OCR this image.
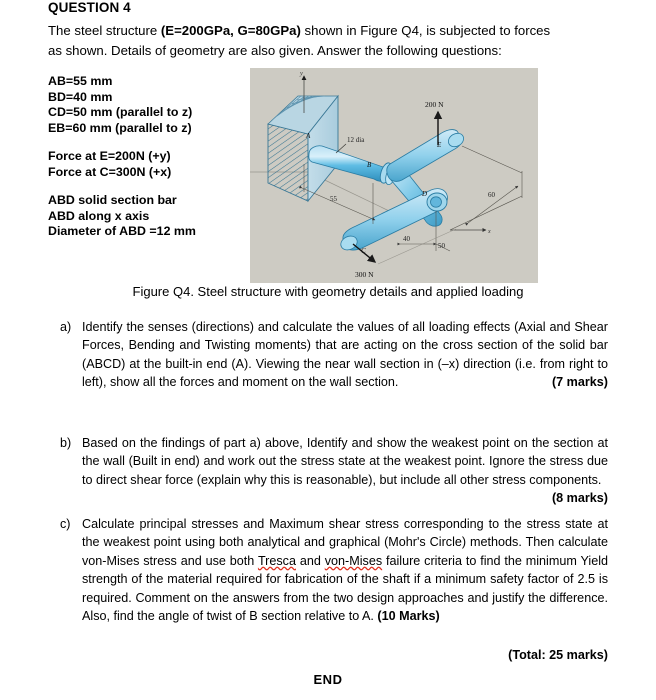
QUESTION 4
The steel structure (E=200GPa, G=80GPa) shown in Figure Q4, is subjected to forces as shown. Details of geometry are also given. Answer the following questions:
AB=55 mm
BD=40 mm
CD=50 mm (parallel to z)
EB=60 mm (parallel to z)
Force at E=200N (+y)
Force at C=300N (+x)
ABD solid section bar
ABD along x axis
Diameter of ABD =12 mm
y
x
200 N
300 N
A
B
C
D
E
12 dia
55
40
50
60
Figure Q4. Steel structure with geometry details and applied loading
a) Identify the senses (directions) and calculate the values of all loading effects (Axial and Shear Forces, Bending and Twisting moments) that are acting on the cross section of the solid bar (ABCD) at the built-in end (A). Viewing the near wall section in (–x) direction (i.e. from right to left), show all the forces and moment on the wall section.	(7 marks)
b) Based on the findings of part a) above, Identify and show the weakest point on the section at the wall (Built in end) and work out the stress state at the weakest point. Ignore the stress due to direct shear force (explain why this is reasonable), but include all other stress components.
(8 marks)
c) Calculate principal stresses and Maximum shear stress corresponding to the stress state at the weakest point using both analytical and graphical (Mohr's Circle) methods. Then calculate von-Mises stress and use both Tresca and von-Mises failure criteria to find the minimum Yield strength of the material required for fabrication of the shaft if a minimum safety factor of 2.5 is required. Comment on the answers from the two design approaches and justify the difference. Also, find the angle of twist of B section relative to A. (10 Marks)
(Total: 25 marks)
END
